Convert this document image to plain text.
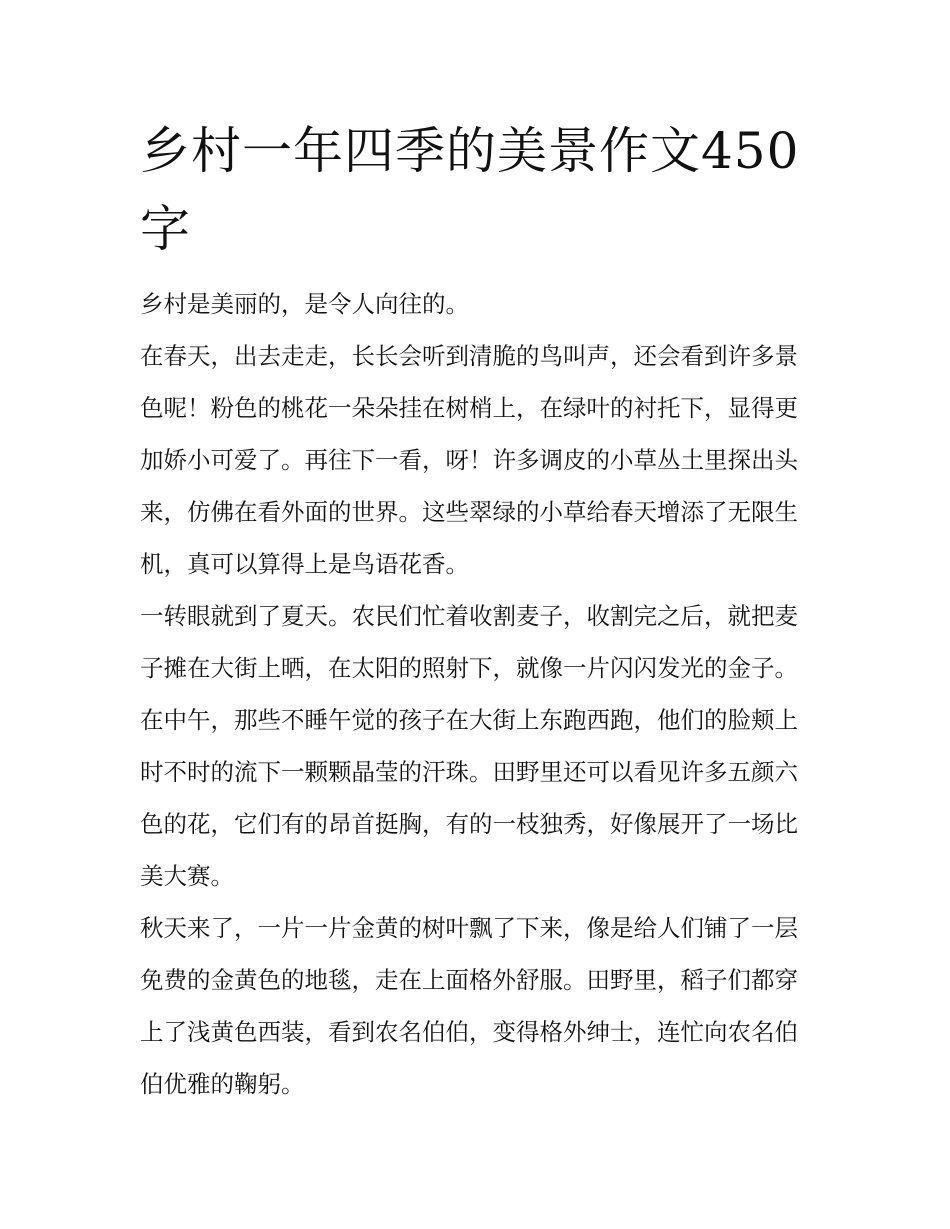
乡村一年四季的美景作文450字

乡村是美丽的，是令人向往的。

在春天，出去走走，长长会听到清脆的鸟叫声，还会看到许多景色呢！粉色的桃花一朵朵挂在树梢上，在绿叶的衬托下，显得更加娇小可爱了。再往下一看，呀！许多调皮的小草丛土里探出头来，仿佛在看外面的世界。这些翠绿的小草给春天增添了无限生机，真可以算得上是鸟语花香。

一转眼就到了夏天。农民们忙着收割麦子，收割完之后，就把麦子摊在大街上晒，在太阳的照射下，就像一片闪闪发光的金子。在中午，那些不睡午觉的孩子在大街上东跑西跑，他们的脸颊上时不时的流下一颗颗晶莹的汗珠。田野里还可以看见许多五颜六色的花，它们有的昂首挺胸，有的一枝独秀，好像展开了一场比美大赛。

秋天来了，一片一片金黄的树叶飘了下来，像是给人们铺了一层免费的金黄色的地毯，走在上面格外舒服。田野里，稻子们都穿上了浅黄色西装，看到农名伯伯，变得格外绅士，连忙向农名伯伯优雅的鞠躬。
